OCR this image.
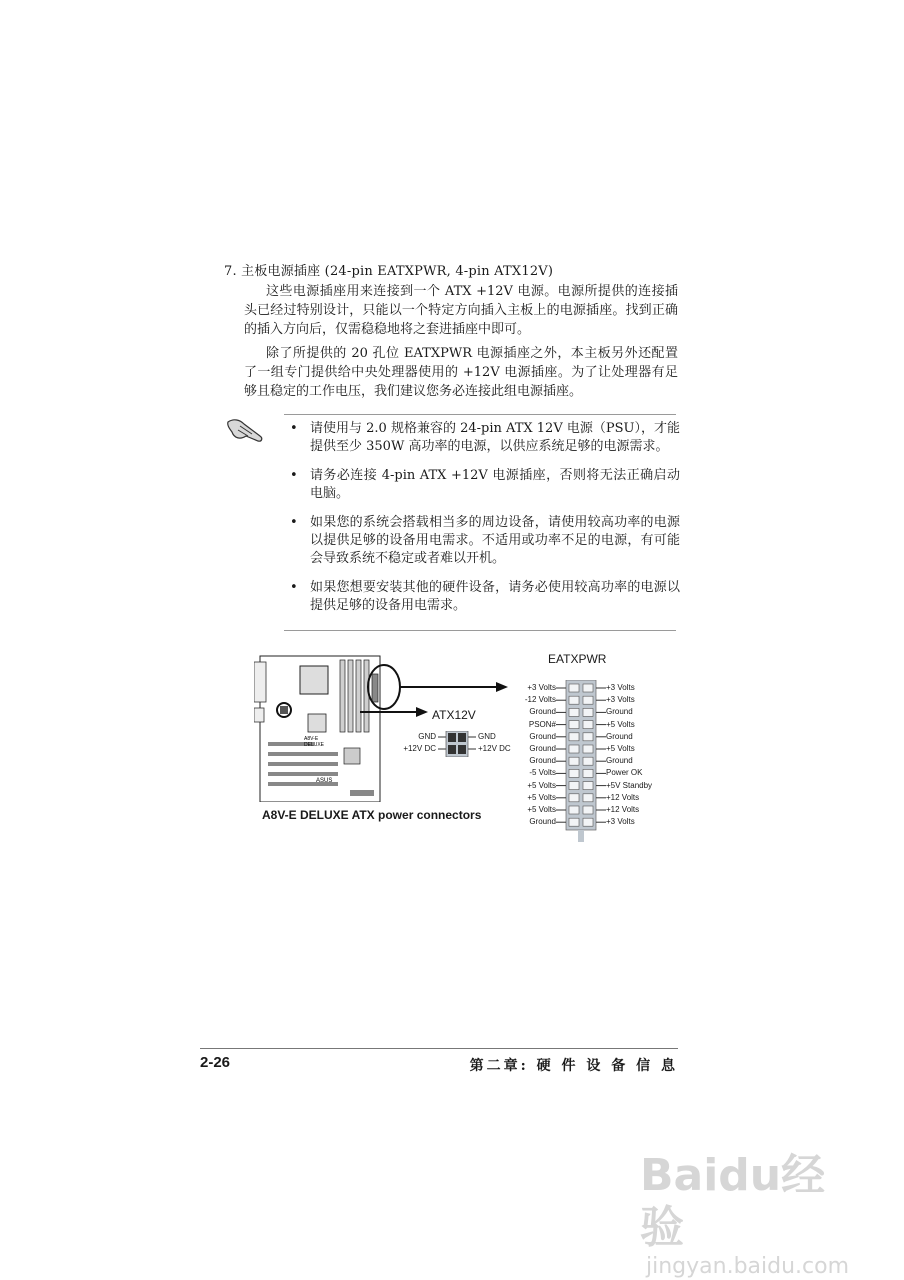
7. 主板电源插座 (24-pin EATXPWR, 4-pin ATX12V)
这些电源插座用来连接到一个 ATX +12V 电源。电源所提供的连接插头已经过特别设计，只能以一个特定方向插入主板上的电源插座。找到正确的插入方向后，仅需稳稳地将之套进插座中即可。
除了所提供的 20 孔位 EATXPWR 电源插座之外，本主板另外还配置了一组专门提供给中央处理器使用的 +12V 电源插座。为了让处理器有足够且稳定的工作电压，我们建议您务必连接此组电源插座。
• 请使用与 2.0 规格兼容的 24-pin ATX 12V 电源（PSU），才能提供至少 350W 高功率的电源，以供应系统足够的电源需求。
• 请务必连接 4-pin ATX +12V 电源插座，否则将无法正确启动电脑。
• 如果您的系统会搭载相当多的周边设备，请使用较高功率的电源以提供足够的设备用电需求。不适用或功率不足的电源，有可能会导致系统不稳定或者难以开机。
• 如果您想要安装其他的硬件设备，请务必使用较高功率的电源以提供足够的设备用电需求。
A8V-E
DELUXE
ASUS
ATX12V
GND
+12V DC
GND
+12V DC
EATXPWR
+3 Volts
-12 Volts
Ground
PSON#
Ground
Ground
Ground
-5 Volts
+5 Volts
+5 Volts
+5 Volts
Ground
+3 Volts
+3 Volts
Ground
+5 Volts
Ground
+5 Volts
Ground
Power OK
+5V Standby
+12 Volts
+12 Volts
+3 Volts
A8V-E DELUXE ATX power connectors
2-26	第二章: 硬 件 设 备 信 息
Baidu经验
jingyan.baidu.com
